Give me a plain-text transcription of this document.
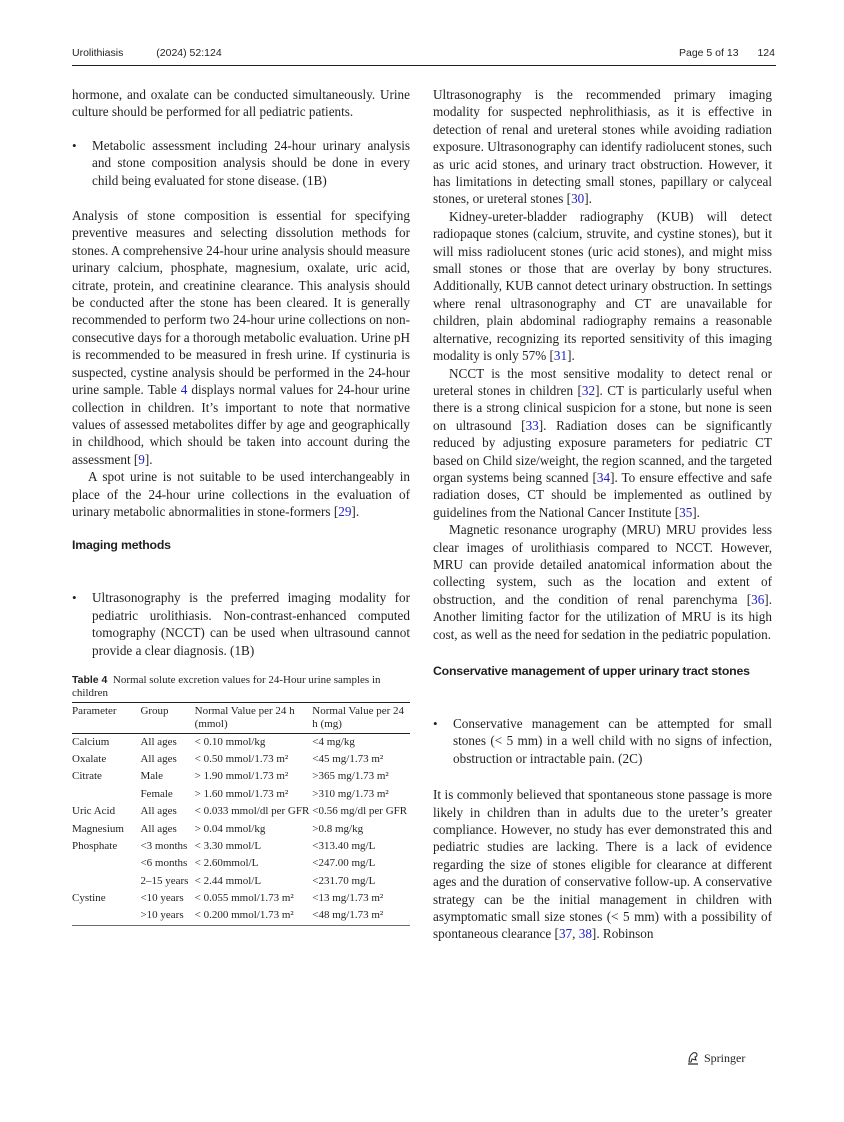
Urolithiasis	(2024) 52:124	Page 5 of 13 124

hormone, and oxalate can be conducted simultaneously. Urine culture should be performed for all pediatric patients.

• Metabolic assessment including 24-hour urinary analysis and stone composition analysis should be done in every child being evaluated for stone disease. (1B)

Analysis of stone composition is essential for specifying preventive measures and selecting dissolution methods for stones. A comprehensive 24-hour urine analysis should measure urinary calcium, phosphate, magnesium, oxalate, uric acid, citrate, protein, and creatinine clearance. This analysis should be conducted after the stone has been cleared. It is generally recommended to perform two 24-hour urine collections on non-consecutive days for a thorough metabolic evaluation. Urine pH is recommended to be measured in fresh urine. If cystinuria is suspected, cystine analysis should be performed in the 24-hour urine sample. Table 4 displays normal values for 24-hour urine collection in children. It’s important to note that normative values of assessed metabolites differ by age and geographically in childhood, which should be taken into account during the assessment [9].

A spot urine is not suitable to be used interchangeably in place of the 24-hour urine collections in the evaluation of urinary metabolic abnormalities in stone-formers [29].

Imaging methods
• Ultrasonography is the preferred imaging modality for pediatric urolithiasis. Non-contrast-enhanced computed tomography (NCCT) can be used when ultrasound cannot provide a clear diagnosis. (1B)

Table 4 Normal solute excretion values for 24-Hour urine samples in children
Parameter	Group	Normal Value per 24 h (mmol)	Normal Value per 24 h (mg)
Calcium	All ages	< 0.10 mmol/kg	<4 mg/kg
Oxalate	All ages	< 0.50 mmol/1.73 m²	<45 mg/1.73 m²
Citrate	Male	> 1.90 mmol/1.73 m²	>365 mg/1.73 m²
	Female	> 1.60 mmol/1.73 m²	>310 mg/1.73 m²
Uric Acid	All ages	< 0.033 mmol/dl per GFR	<0.56 mg/dl per GFR
Magnesium	All ages	> 0.04 mmol/kg	>0.8 mg/kg
Phosphate	<3 months	< 3.30 mmol/L	<313.40 mg/L
	<6 months	< 2.60mmol/L	<247.00 mg/L
	2–15 years	< 2.44 mmol/L	<231.70 mg/L
Cystine	<10 years	< 0.055 mmol/1.73 m²	<13 mg/1.73 m²
	>10 years	< 0.200 mmol/1.73 m²	<48 mg/1.73 m²

Ultrasonography is the recommended primary imaging modality for suspected nephrolithiasis, as it is effective in detection of renal and ureteral stones while avoiding radiation exposure. Ultrasonography can identify radiolucent stones, such as uric acid stones, and urinary tract obstruction. However, it has limitations in detecting small stones, papillary or calyceal stones, or ureteral stones [30].

Kidney-ureter-bladder radiography (KUB) will detect radiopaque stones (calcium, struvite, and cystine stones), but it will miss radiolucent stones (uric acid stones), and might miss small stones or those that are overlay by bony structures. Additionally, KUB cannot detect urinary obstruction. In settings where renal ultrasonography and CT are unavailable for children, plain abdominal radiography remains a reasonable alternative, recognizing its reported sensitivity of this imaging modality is only 57% [31].

NCCT is the most sensitive modality to detect renal or ureteral stones in children [32]. CT is particularly useful when there is a strong clinical suspicion for a stone, but none is seen on ultrasound [33]. Radiation doses can be significantly reduced by adjusting exposure parameters for pediatric CT based on Child size/weight, the region scanned, and the targeted organ systems being scanned [34]. To ensure effective and safe radiation doses, CT should be implemented as outlined by guidelines from the National Cancer Institute [35].

Magnetic resonance urography (MRU) MRU provides less clear images of urolithiasis compared to NCCT. However, MRU can provide detailed anatomical information about the collecting system, such as the location and extent of obstruction, and the condition of renal parenchyma [36]. Another limiting factor for the utilization of MRU is its high cost, as well as the need for sedation in the pediatric population.

Conservative management of upper urinary tract stones
• Conservative management can be attempted for small stones (< 5 mm) in a well child with no signs of infection, obstruction or intractable pain. (2C)

It is commonly believed that spontaneous stone passage is more likely in children than in adults due to the ureter’s greater compliance. However, no study has ever demonstrated this and pediatric studies are lacking. There is a lack of evidence regarding the size of stones eligible for clearance at different ages and the duration of conservative follow-up. A conservative strategy can be the initial management in children with asymptomatic small size stones (< 5 mm) with a possibility of spontaneous clearance [37, 38]. Robinson

Springer
